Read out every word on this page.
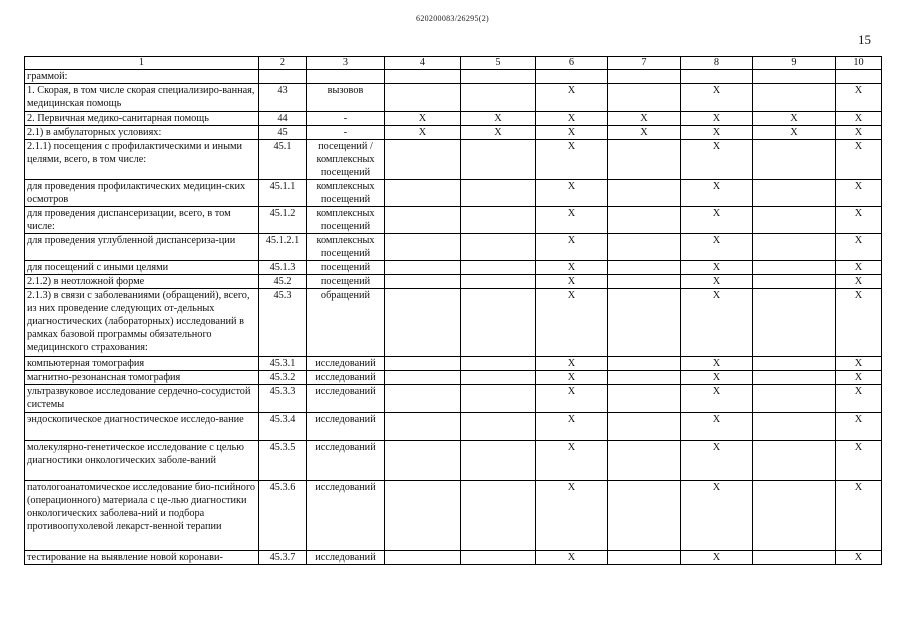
620200083/26295(2)
15
1	2	3	4	5	6	7	8	9	10
граммой:									
1. Скорая, в том числе скорая специализиро-ванная, медицинская помощь	43	вызовов			X		X		X
2. Первичная медико-санитарная помощь	44	-	X	X	X	X	X	X	X
2.1) в амбулаторных условиях:	45	-	X	X	X	X	X	X	X
2.1.1) посещения с профилактическими и иными целями, всего, в том числе:	45.1	посещений / комплексных посещений			X		X		X
для проведения профилактических медицин-ских осмотров	45.1.1	комплексных посещений			X		X		X
для проведения диспансеризации, всего, в том числе:	45.1.2	комплексных посещений			X		X		X
для проведения углубленной диспансеризa-ции	45.1.2.1	комплексных посещений			X		X		X
для посещений с иными целями	45.1.3	посещений			X		X		X
2.1.2) в неотложной форме	45.2	посещений			X		X		X
2.1.3) в связи с заболеваниями (обращений), всего, из них проведение следующих от-дельных диагностических (лабораторных) исследований в рамках базовой программы обязательного медицинского страхования:	45.3	обращений			X		X		X
компьютерная томография	45.3.1	исследований			X		X		X
магнитно-резонансная томография	45.3.2	исследований			X		X		X
ультразвуковое исследование сердечно-сосудистой системы	45.3.3	исследований			X		X		X
эндоскопическое диагностическое исследо-вание	45.3.4	исследований			X		X		X
молекулярно-генетическое исследование с целью диагностики онкологических заболе-ваний	45.3.5	исследований			X		X		X
патологоанатомическое исследование био-псийного (операционного) материала с це-лью диагностики онкологических заболева-ний и подбора противоопухолевой лекарст-венной терапии	45.3.6	исследований			X		X		X
тестирование на выявление новой коронави-	45.3.7	исследований			X		X		X
